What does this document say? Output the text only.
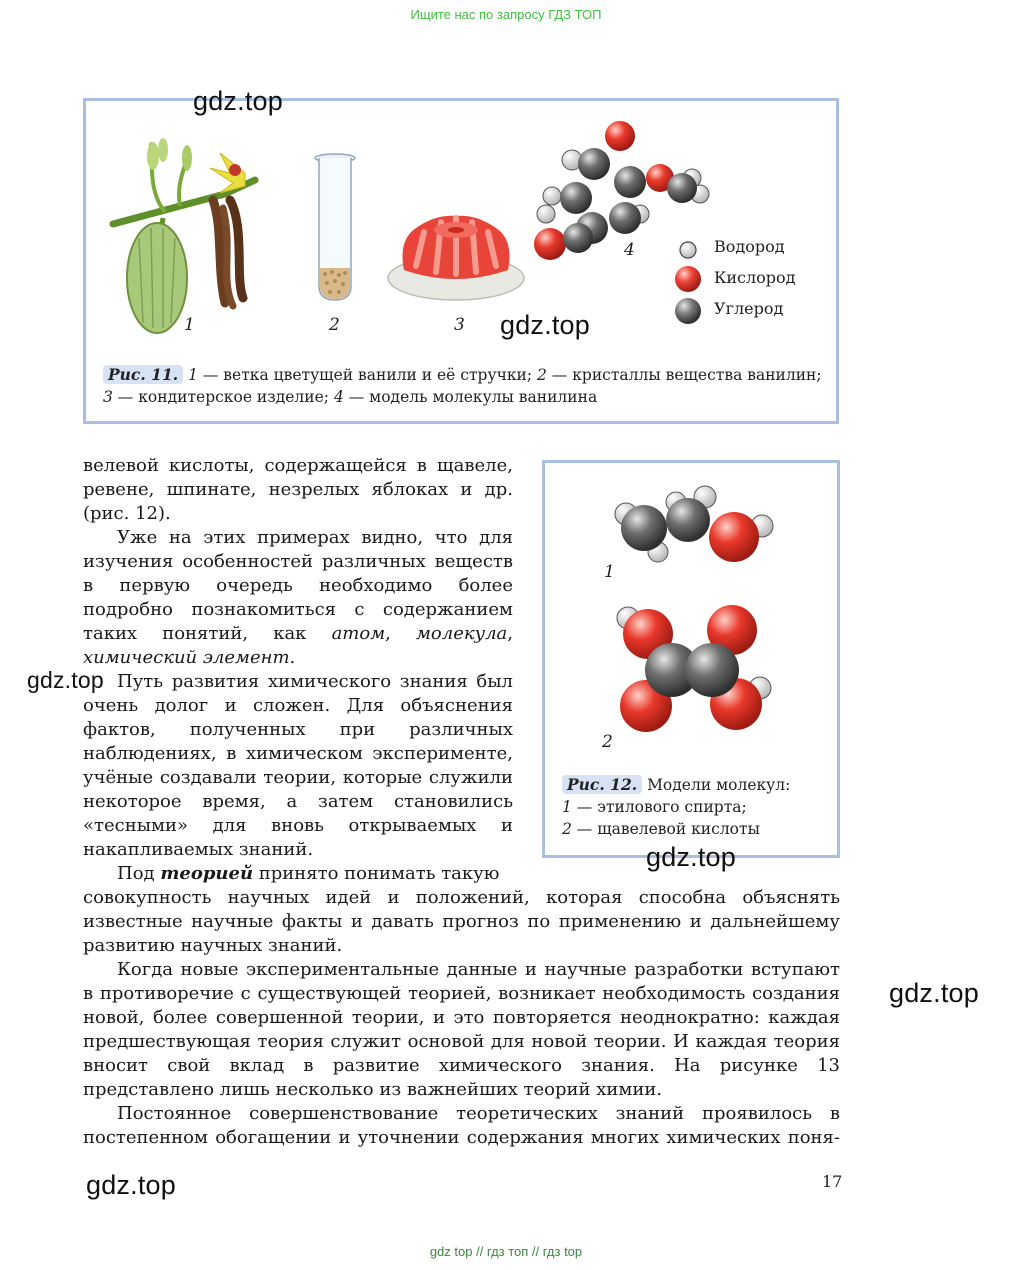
Ищите нас по запросу ГДЗ ТОП
1	2	3
4	Водород
Кислород
Углерод
Рис. 11. 1 — ветка цветущей ванили и её стручки; 2 — кристаллы вещества ванилин; 3 — кондитерское изделие; 4 — модель молекулы ванилина
1
2
Рис. 12. Модели молекул:
1 — этилового спирта;
2 — щавелевой кислоты
велевой кислоты, содержащейся в щавеле, ревене, шпинате, незрелых яблоках и др. (рис. 12).
Уже на этих примерах видно, что для изучения особенностей различных веществ в первую очередь необходимо более подробно познакомиться с содержанием таких понятий, как атом, молекула, химический элемент.
Путь развития химического знания был очень долог и сложен. Для объяснения фактов, полученных при различных наблюдениях, в химическом эксперименте, учёные создавали теории, которые служили некоторое время, а затем становились «тесными» для вновь открываемых и накапливаемых знаний.
Под теорией принято понимать такую
совокупность научных идей и положений, которая способна объяснять известные научные факты и давать прогноз по применению и дальнейшему развитию научных знаний.
Когда новые экспериментальные данные и научные разработки вступают в противоречие с существующей теорией, возникает необходимость создания новой, более совершенной теории, и это повторяется неоднократно: каждая предшествующая теория служит основой для новой теории. И каждая теория вносит свой вклад в развитие химического знания. На рисунке 13 представлено лишь несколько из важнейших теорий химии.
Постоянное совершенствование теоретических знаний проявилось в постепенном обогащении и уточнении содержания многих химических поня-
17
gdz.top
gdz.top
gdz.top
gdz.top
gdz.top
gdz.top
gdz top // гдз топ // гдз top
